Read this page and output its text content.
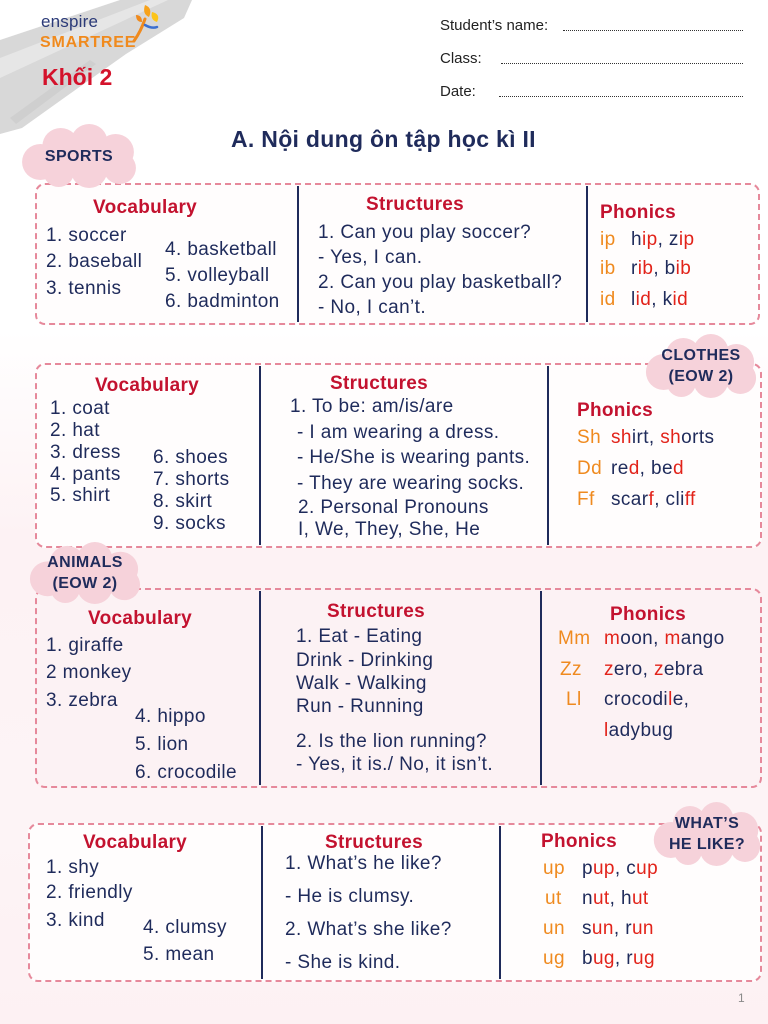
enspire
SMARTREE
Khối 2
Student’s name:
Class:
Date:
A. Nội dung ôn tập học kì II
SPORTS
Vocabulary
1. soccer
2. baseball
3. tennis
4. basketball
5. volleyball
6. badminton
Structures
1. Can you play soccer?
- Yes, I can.
2. Can you play basketball?
- No, I can’t.
Phonics

ip

hip, zip

ib

rib, bib

id

lid, kid

CLOTHES
(EOW 2)
Vocabulary
1. coat
2. hat
3. dress
4. pants
5. shirt
6. shoes
7. shorts
8. skirt
9. socks
Structures
1. To be: am/is/are
- I am wearing a dress.
- He/She is wearing pants.
- They are wearing socks.
2. Personal Pronouns
I, We, They, She, He
Phonics

Sh

shirt, shorts

Dd

red, bed

Ff

scarf, cliff

ANIMALS
(EOW 2)
Vocabulary
1. giraffe
2 monkey
3. zebra
4. hippo
5. lion
6. crocodile
Structures
1. Eat - Eating
Drink - Drinking
Walk - Walking
Run - Running
2. Is the lion running?
- Yes, it is./ No, it isn’t.
Phonics

Mm

moon, mango

Zz

zero, zebra

Ll

crocodile,

ladybug

WHAT’S
HE LIKE?
Vocabulary
1. shy
2. friendly
3. kind 4. clumsy
5. mean
Structures
1. What’s he like?
- He is clumsy.
2. What’s she like?
- She is kind.
Phonics

up

pup, cup

ut

nut, hut

un

sun, run

ug

bug, rug

1
